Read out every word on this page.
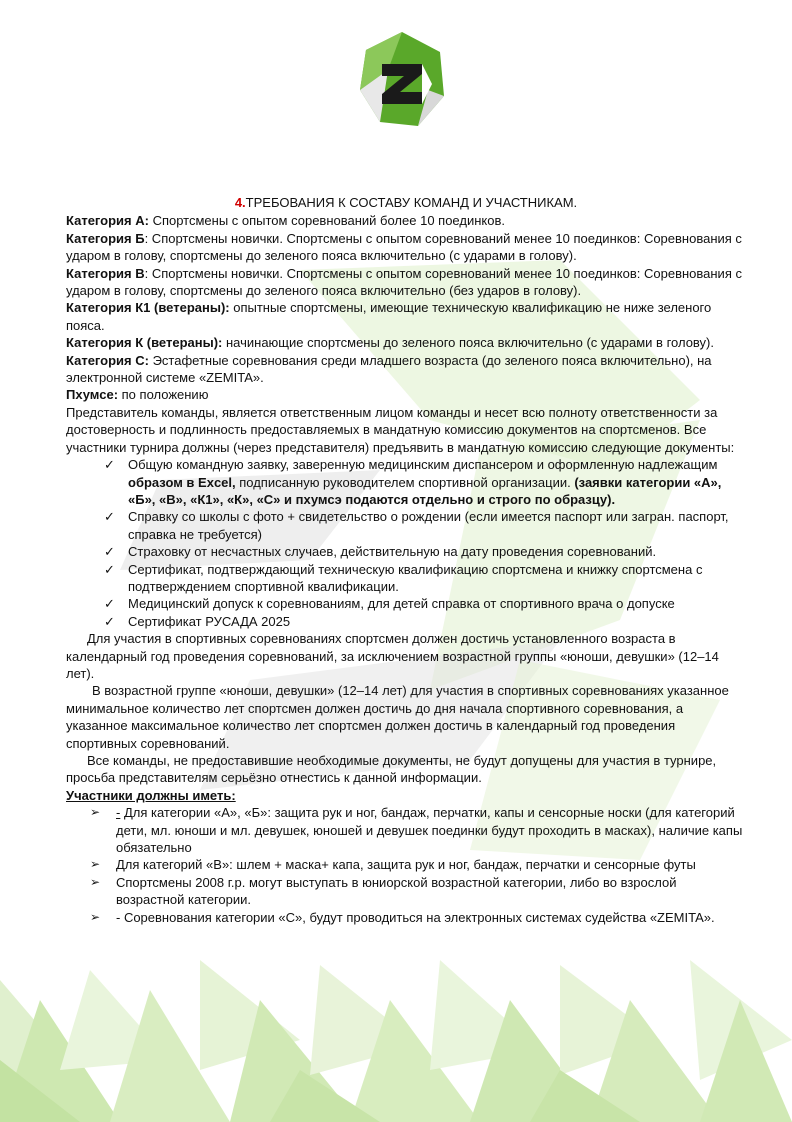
4.ТРЕБОВАНИЯ К СОСТАВУ КОМАНД И УЧАСТНИКАМ.

Категория А: Спортсмены с опытом соревнований более 10 поединков.

Категория Б: Спортсмены новички. Спортсмены с опытом соревнований менее 10 поединков: Соревнования с ударом в голову, спортсмены до зеленого пояса включительно (с ударами в голову).

Категория В: Спортсмены новички. Спортсмены с опытом соревнований менее 10 поединков: Соревнования с ударом в голову, спортсмены до зеленого пояса включительно (без ударов в голову).

Категория К1 (ветераны): опытные спортсмены, имеющие техническую квалификацию не ниже зеленого пояса.

Категория К (ветераны): начинающие спортсмены до зеленого пояса включительно (с ударами в голову).

Категория С: Эстафетные соревнования среди младшего возраста (до зеленого пояса включительно), на электронной системе «ZEMITA».

Пхумсе: по положению

Представитель команды, является ответственным лицом команды и несет всю полноту ответственности за достоверность и подлинность предоставляемых в мандатную комиссию документов на спортсменов. Все участники турнира должны (через представителя) предъявить в мандатную комиссию следующие документы:

✓ Общую командную заявку, заверенную медицинским диспансером и оформленную надлежащим образом в Excel, подписанную руководителем спортивной организации. (заявки категории «А», «Б», «В», «К1», «К», «С» и пхумсэ подаются отдельно и строго по образцу).
✓ Справку со школы с фото + свидетельство о рождении (если имеется паспорт или загран. паспорт, справка не требуется)
✓ Страховку от несчастных случаев, действительную на дату проведения соревнований.
✓ Сертификат, подтверждающий техническую квалификацию спортсмена и книжку спортсмена с подтверждением спортивной квалификации.
✓ Медицинский допуск к соревнованиям, для детей справка от спортивного врача о допуске
✓ Сертификат РУСАДА 2025

Для участия в спортивных соревнованиях спортсмен должен достичь установленного возраста в календарный год проведения соревнований, за исключением возрастной группы «юноши, девушки» (12–14 лет).

В возрастной группе «юноши, девушки» (12–14 лет) для участия в спортивных соревнованиях указанное минимальное количество лет спортсмен должен достичь до дня начала спортивного соревнования, а указанное максимальное количество лет спортсмен должен достичь в календарный год проведения спортивных соревнований.

Все команды, не предоставившие необходимые документы, не будут допущены для участия в турнире, просьба представителям серьёзно отнестись к данной информации.

Участники должны иметь:

➢ - Для категории «А», «Б»: защита рук и ног, бандаж, перчатки, капы и сенсорные носки (для категорий дети, мл. юноши и мл. девушек, юношей и девушек поединки будут проходить в масках), наличие капы обязательно
➢ Для категорий «В»: шлем + маска+ капа, защита рук и ног, бандаж, перчатки и сенсорные футы
➢ Спортсмены 2008 г.р. могут выступать в юниорской возрастной категории, либо во взрослой возрастной категории.
➢ - Соревнования категории «С», будут проводиться на электронных системах судейства «ZEMITA».
